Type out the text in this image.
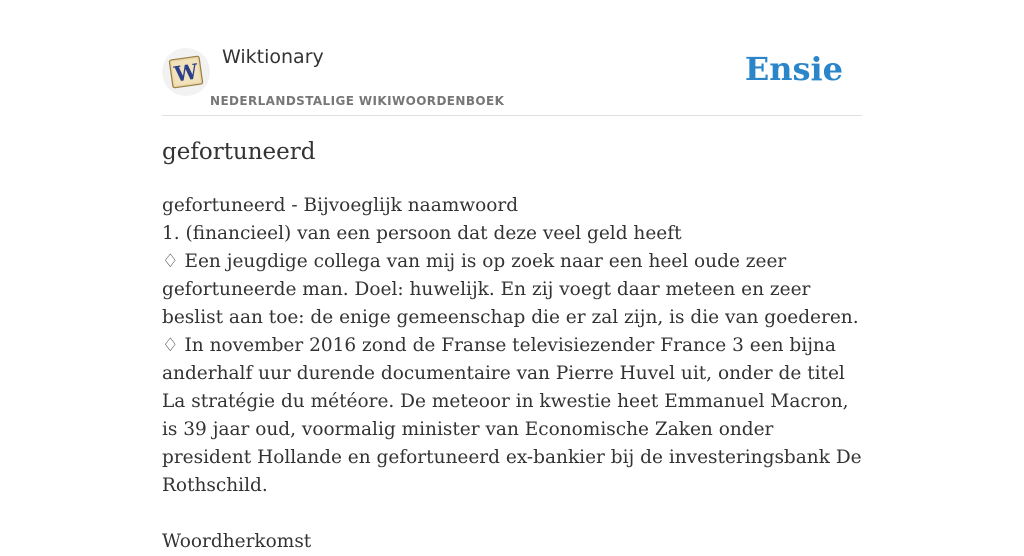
W
Wiktionary
NEDERLANDSTALIGE WIKIWOORDENBOEK
Ensie
gefortuneerd

gefortuneerd - Bijvoeglijk naamwoord

1. (financieel) van een persoon dat deze veel geld heeft

♢ Een jeugdige collega van mij is op zoek naar een heel oude zeer gefortuneerde man. Doel: huwelijk. En zij voegt daar meteen en zeer beslist aan toe: de enige gemeenschap die er zal zijn, is die van goederen.

♢ In november 2016 zond de Franse televisiezender France 3 een bijna anderhalf uur durende documentaire van Pierre Huvel uit, onder de titel La stratégie du météore. De meteoor in kwestie heet Emmanuel Macron, is 39 jaar oud, voormalig minister van Economische Zaken onder president Hollande en gefortuneerd ex-bankier bij de investeringsbank De Rothschild.

Woordherkomst
